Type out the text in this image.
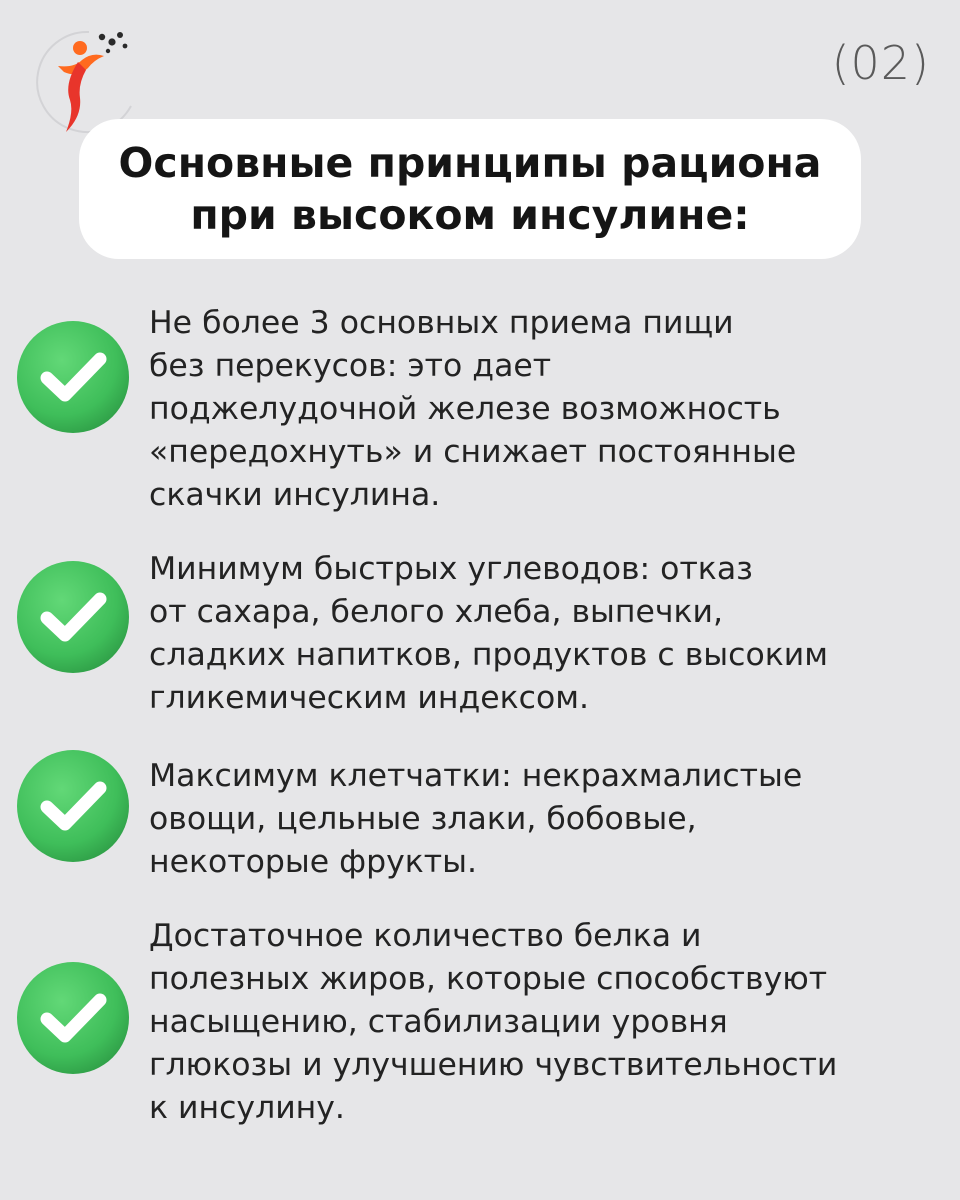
(02)
Основные принципы рациона
при высоком инсулине:
Не более 3 основных приема пищи
без перекусов: это дает
поджелудочной железе возможность
«передохнуть» и снижает постоянные
скачки инсулина.
Минимум быстрых углеводов: отказ
от сахара, белого хлеба, выпечки,
сладких напитков, продуктов с высоким
гликемическим индексом.
Максимум клетчатки: некрахмалистые
овощи, цельные злаки, бобовые,
некоторые фрукты.
Достаточное количество белка и
полезных жиров, которые способствуют
насыщению, стабилизации уровня
глюкозы и улучшению чувствительности
к инсулину.
